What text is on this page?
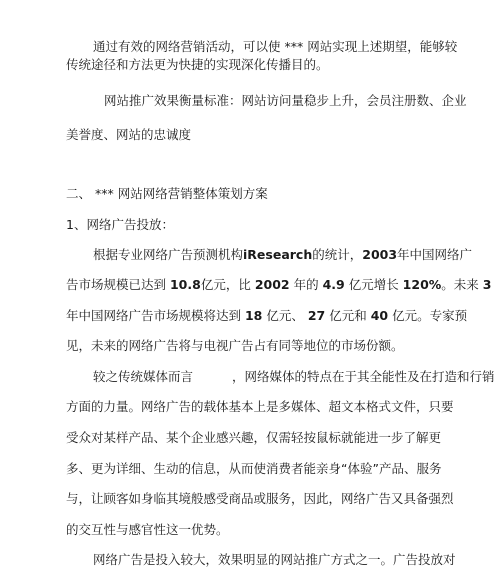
通过有效的网络营销活动，可以使 *** 网站实现上述期望，能够较
传统途径和方法更为快捷的实现深化传播目的。
网站推广效果衡量标准：网站访问量稳步上升，会员注册数、企业
美誉度、网站的忠诚度
二、 *** 网站网络营销整体策划方案
1、网络广告投放：
根据专业网络广告预测机构iResearch的统计，2003年中国网络广
告市场规模已达到 10.8亿元，比 2002 年的 4.9 亿元增长 120%。未来 3
年中国网络广告市场规模将达到 18 亿元、 27 亿元和 40 亿元。专家预
见，未来的网络广告将与电视广告占有同等地位的市场份额。
较之传统媒体而言	，网络媒体的特点在于其全能性及在打造和行销
方面的力量。网络广告的载体基本上是多媒体、超文本格式文件，只要
受众对某样产品、某个企业感兴趣，仅需轻按鼠标就能进一步了解更
多、更为详细、生动的信息，从而使消费者能亲身“体验”产品、服务
与，让顾客如身临其境般感受商品或服务，因此，网络广告又具备强烈
的交互性与感官性这一优势。
网络广告是投入较大，效果明显的网站推广方式之一。广告投放对
